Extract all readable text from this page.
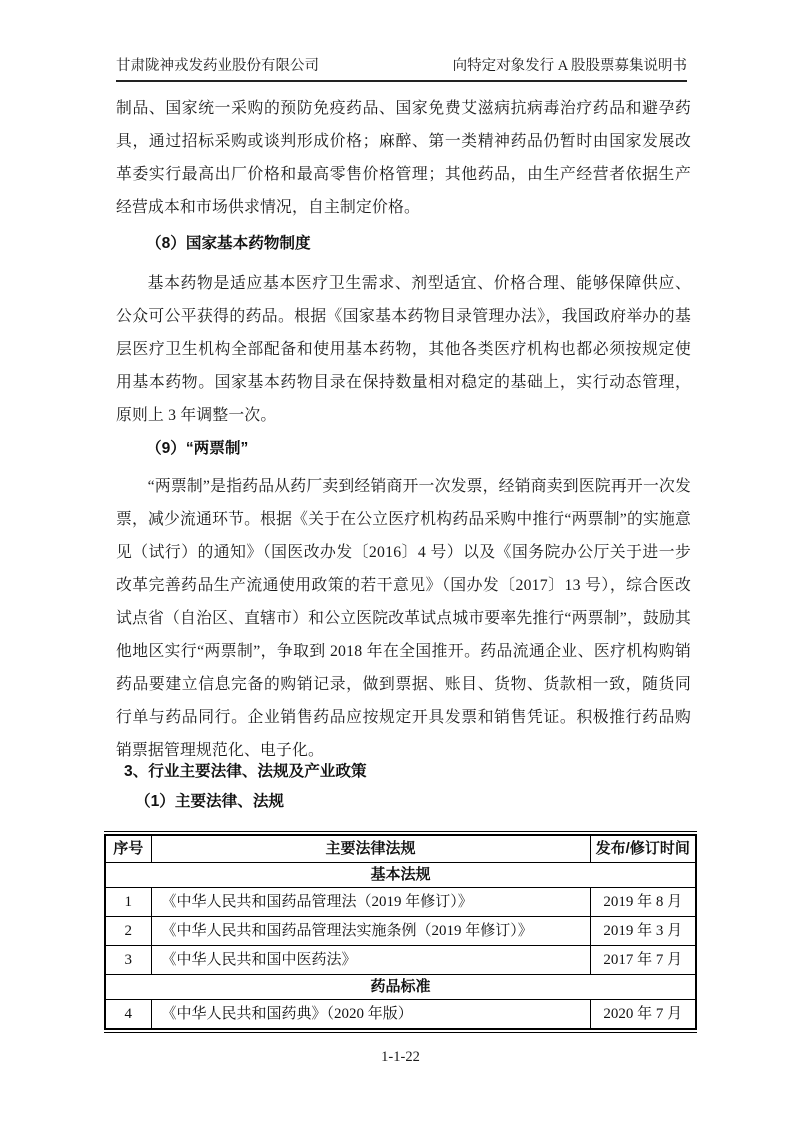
甘肃陇神戎发药业股份有限公司	向特定对象发行 A 股股票募集说明书

制品、国家统一采购的预防免疫药品、国家免费艾滋病抗病毒治疗药品和避孕药具，通过招标采购或谈判形成价格；麻醉、第一类精神药品仍暂时由国家发展改革委实行最高出厂价格和最高零售价格管理；其他药品，由生产经营者依据生产经营成本和市场供求情况，自主制定价格。

（8）国家基本药物制度

基本药物是适应基本医疗卫生需求、剂型适宜、价格合理、能够保障供应、公众可公平获得的药品。根据《国家基本药物目录管理办法》，我国政府举办的基层医疗卫生机构全部配备和使用基本药物，其他各类医疗机构也都必须按规定使用基本药物。国家基本药物目录在保持数量相对稳定的基础上，实行动态管理，原则上 3 年调整一次。

（9）“两票制”

“两票制”是指药品从药厂卖到经销商开一次发票，经销商卖到医院再开一次发票，减少流通环节。根据《关于在公立医疗机构药品采购中推行“两票制”的实施意见（试行）的通知》（国医改办发〔2016〕4 号）以及《国务院办公厅关于进一步改革完善药品生产流通使用政策的若干意见》（国办发〔2017〕13 号），综合医改试点省（自治区、直辖市）和公立医院改革试点城市要率先推行“两票制”，鼓励其他地区实行“两票制”，争取到 2018 年在全国推开。药品流通企业、医疗机构购销药品要建立信息完备的购销记录，做到票据、账目、货物、货款相一致，随货同行单与药品同行。企业销售药品应按规定开具发票和销售凭证。积极推行药品购销票据管理规范化、电子化。

3、行业主要法律、法规及产业政策
（1）主要法律、法规
序号	主要法律法规	发布/修订时间
基本法规		
1	《中华人民共和国药品管理法（2019 年修订）》	2019 年 8 月
2	《中华人民共和国药品管理法实施条例（2019 年修订）》	2019 年 3 月
3	《中华人民共和国中医药法》	2017 年 7 月
药品标准		
4	《中华人民共和国药典》（2020 年版）	2020 年 7 月
1-1-22
